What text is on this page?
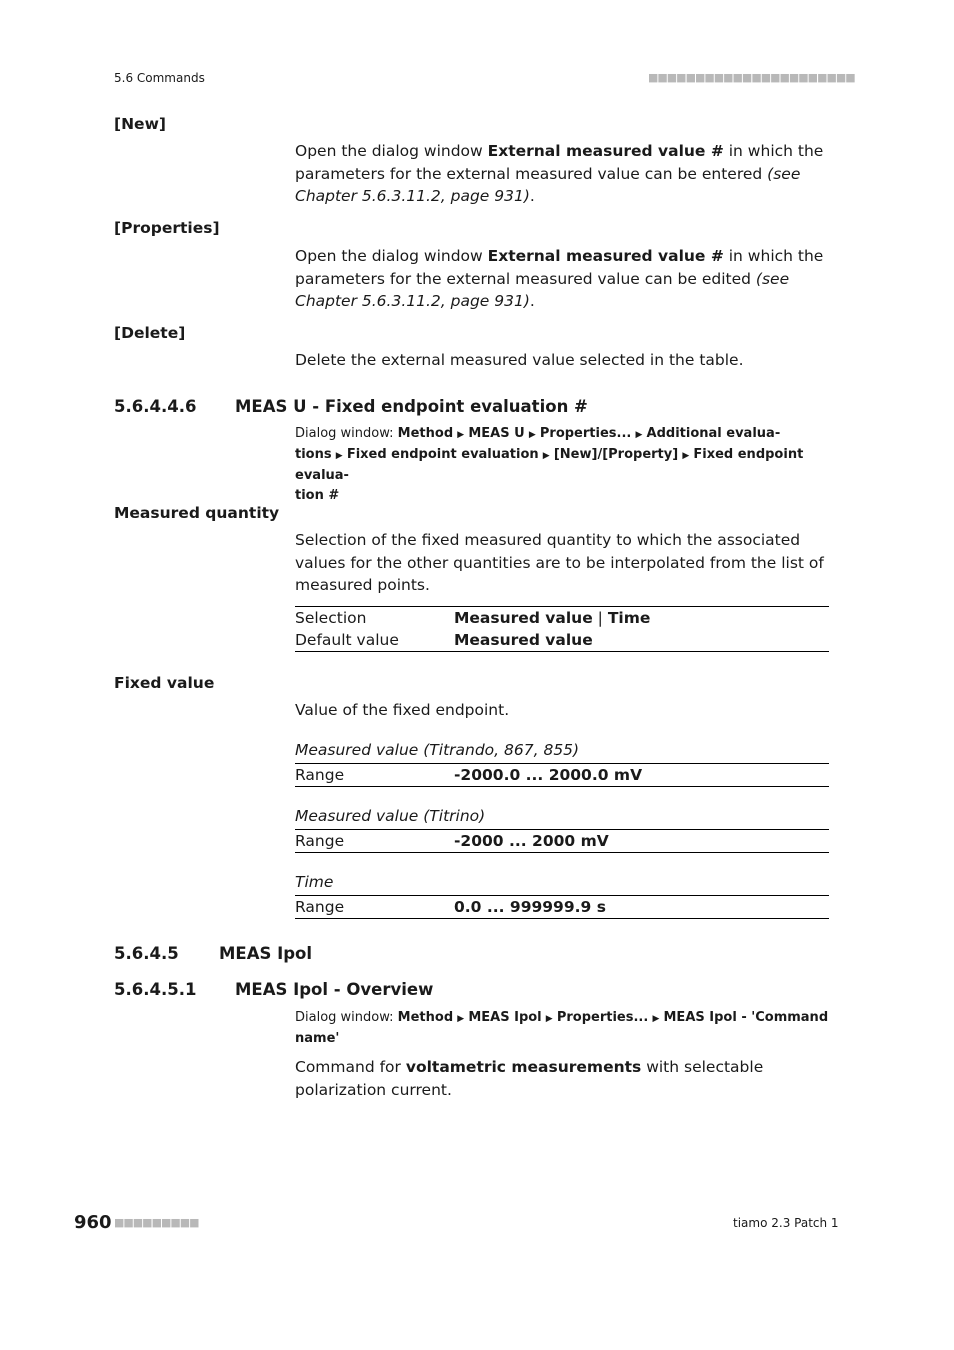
5.6 Commands	■■■■■■■■■■■■■■■■■■■■■■
[New]
Open the dialog window External measured value # in which the parameters for the external measured value can be entered (see Chapter 5.6.3.11.2, page 931).
[Properties]
Open the dialog window External measured value # in which the parameters for the external measured value can be edited (see Chapter 5.6.3.11.2, page 931).
[Delete]
Delete the external measured value selected in the table.
5.6.4.4.6 MEAS U - Fixed endpoint evaluation #
Dialog window: Method ▶ MEAS U ▶ Properties... ▶ Additional evalua-
tions ▶ Fixed endpoint evaluation ▶ [New]/[Property] ▶ Fixed endpoint evalua-
tion #
Measured quantity
Selection of the fixed measured quantity to which the associated values for the other quantities are to be interpolated from the list of measured points.
Selection	Measured value | Time
Default value	Measured value
Fixed value
Value of the fixed endpoint.
Measured value (Titrando, 867, 855)
Range	-2000.0 ... 2000.0 mV
Measured value (Titrino)
Range	-2000 ... 2000 mV
Time
Range	0.0 ... 999999.9 s
5.6.4.5 MEAS Ipol
5.6.4.5.1 MEAS Ipol - Overview
Dialog window: Method ▶ MEAS Ipol ▶ Properties... ▶ MEAS Ipol - 'Command
name'
Command for voltametric measurements with selectable polarization current.
960 ■■■■■■■■■	tiamo 2.3 Patch 1
